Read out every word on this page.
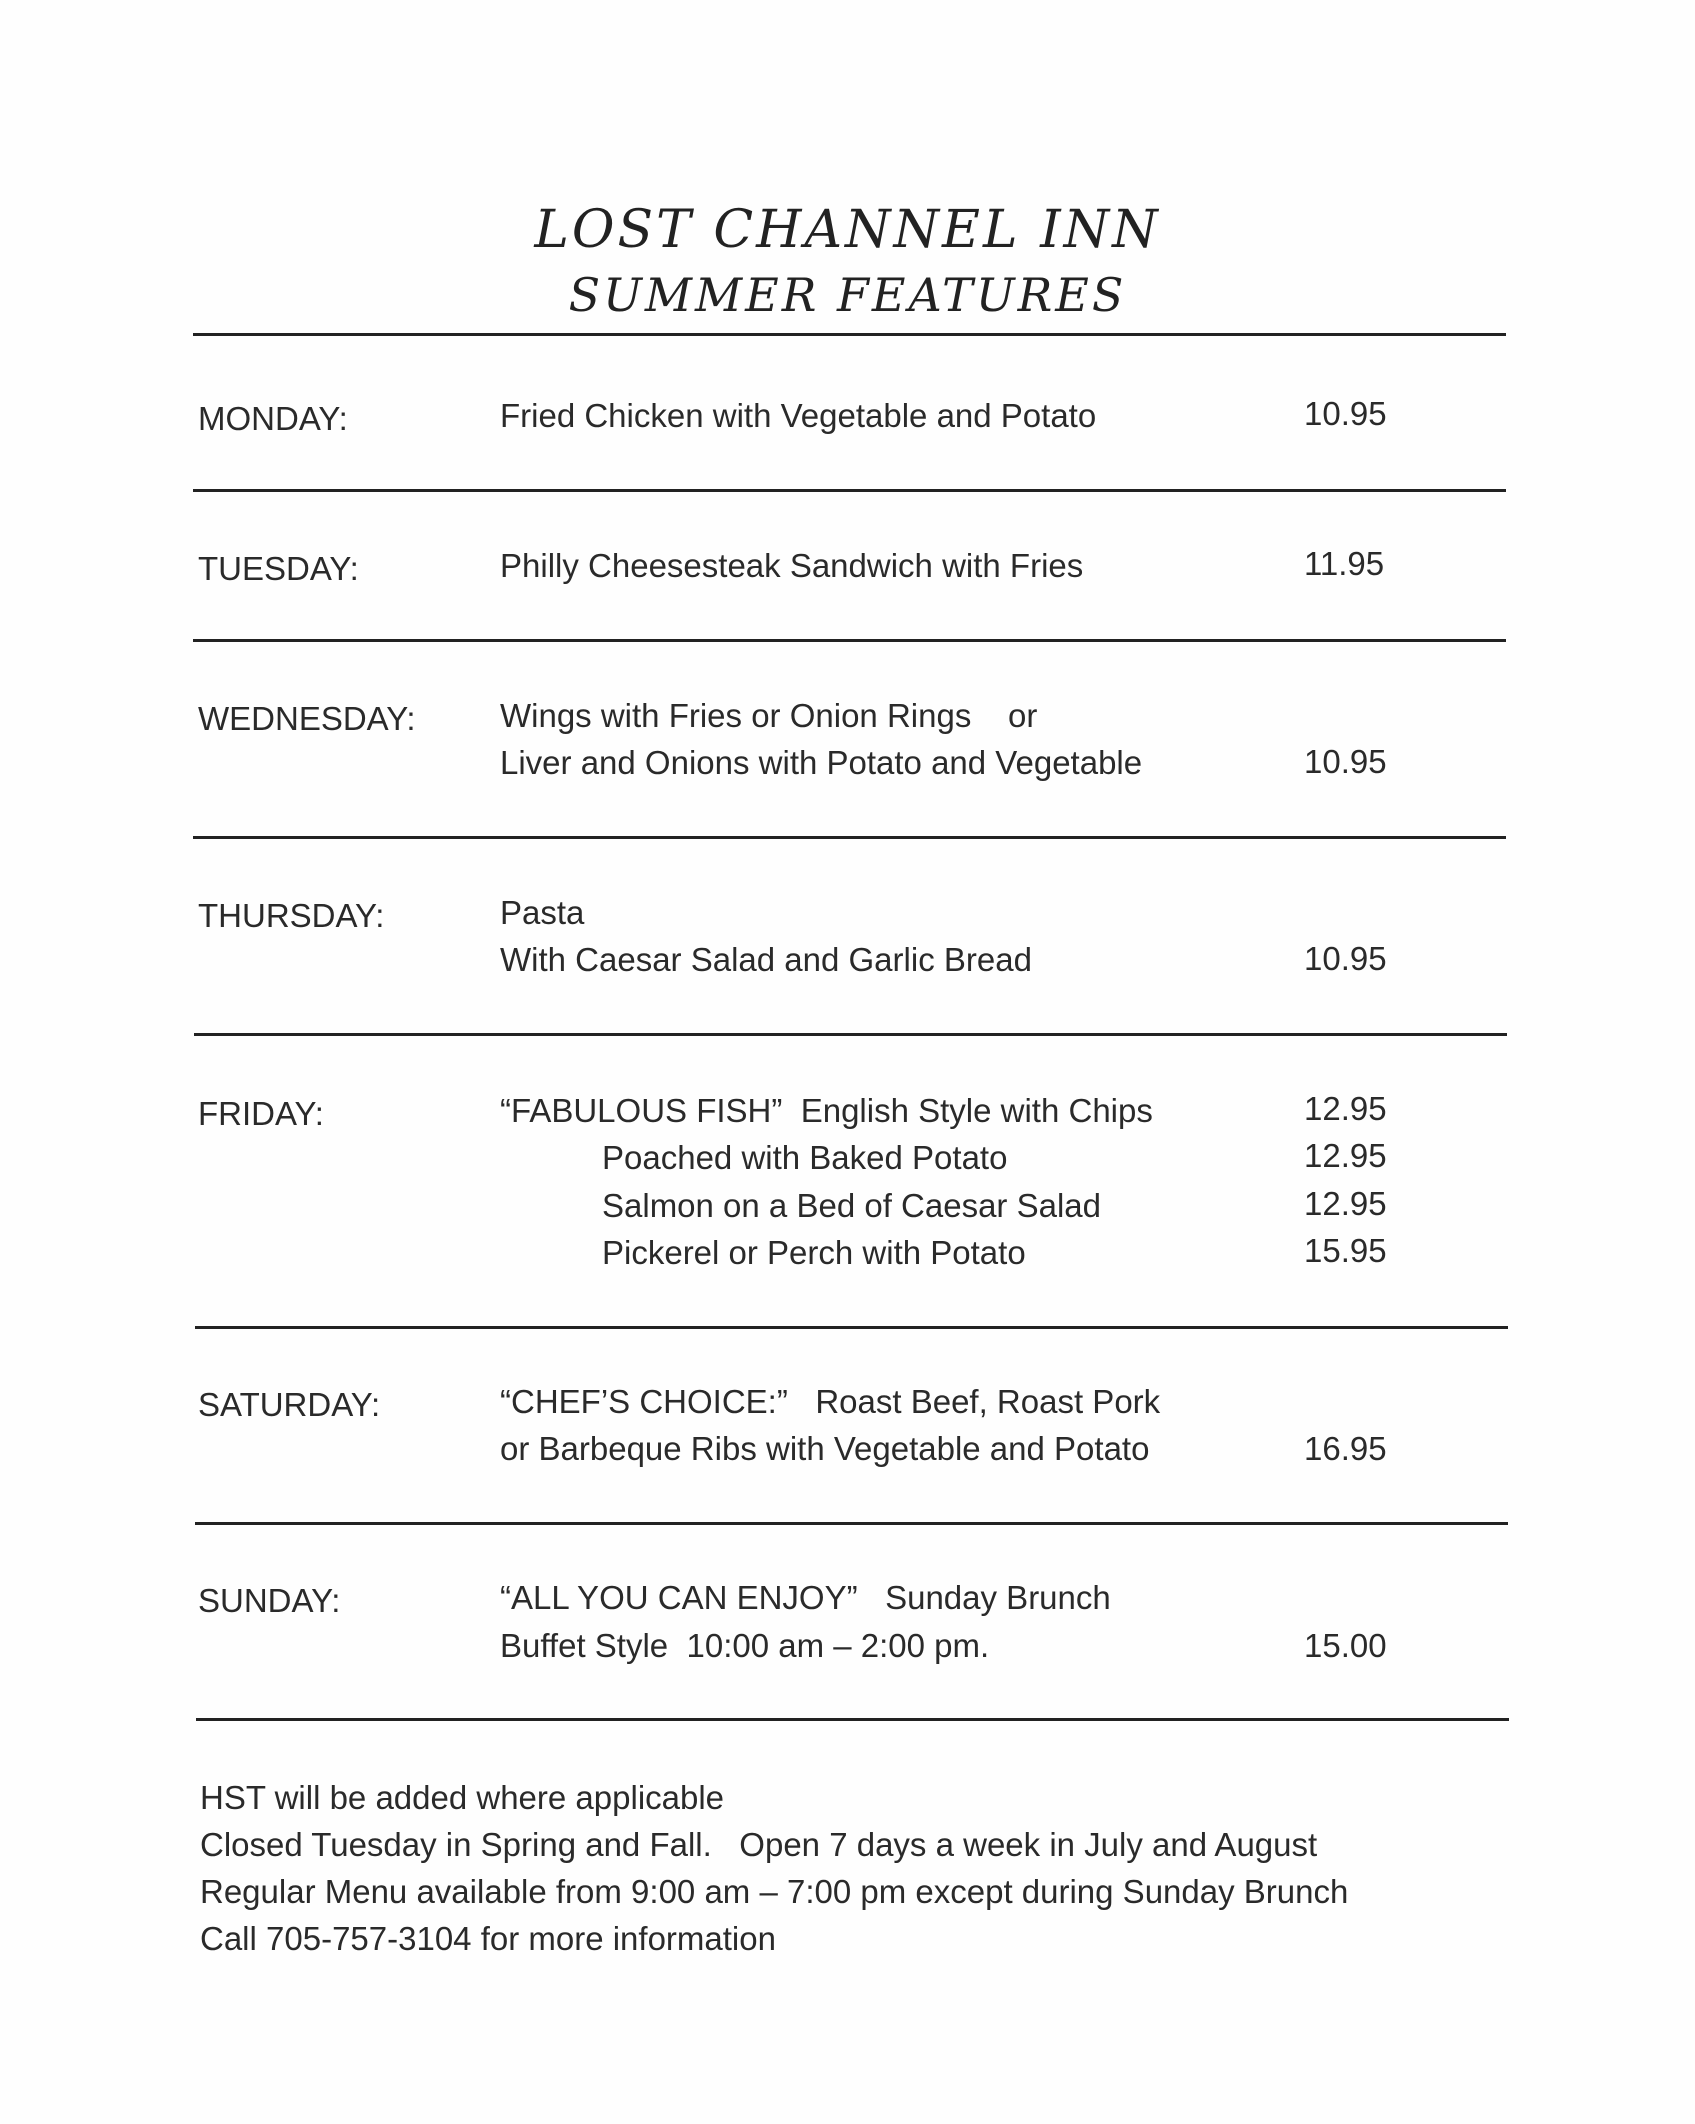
LOST CHANNEL INN
SUMMER FEATURES
MONDAY:	Fried Chicken with Vegetable and Potato	10.95
TUESDAY:	Philly Cheesesteak Sandwich with Fries	11.95
WEDNESDAY:	Wings with Fries or Onion Rings    or
Liver and Onions with Potato and Vegetable	10.95
THURSDAY:	Pasta
With Caesar Salad and Garlic Bread	10.95
FRIDAY:	“FABULOUS FISH”  English Style with Chips	12.95
Poached with Baked Potato	12.95
Salmon on a Bed of Caesar Salad	12.95
Pickerel or Perch with Potato	15.95
SATURDAY:	“CHEF’S CHOICE:”   Roast Beef, Roast Pork
or Barbeque Ribs with Vegetable and Potato	16.95
SUNDAY:	“ALL YOU CAN ENJOY”   Sunday Brunch
Buffet Style  10:00 am – 2:00 pm.	15.00
HST will be added where applicable
Closed Tuesday in Spring and Fall.   Open 7 days a week in July and August
Regular Menu available from 9:00 am – 7:00 pm except during Sunday Brunch
Call 705-757-3104 for more information
